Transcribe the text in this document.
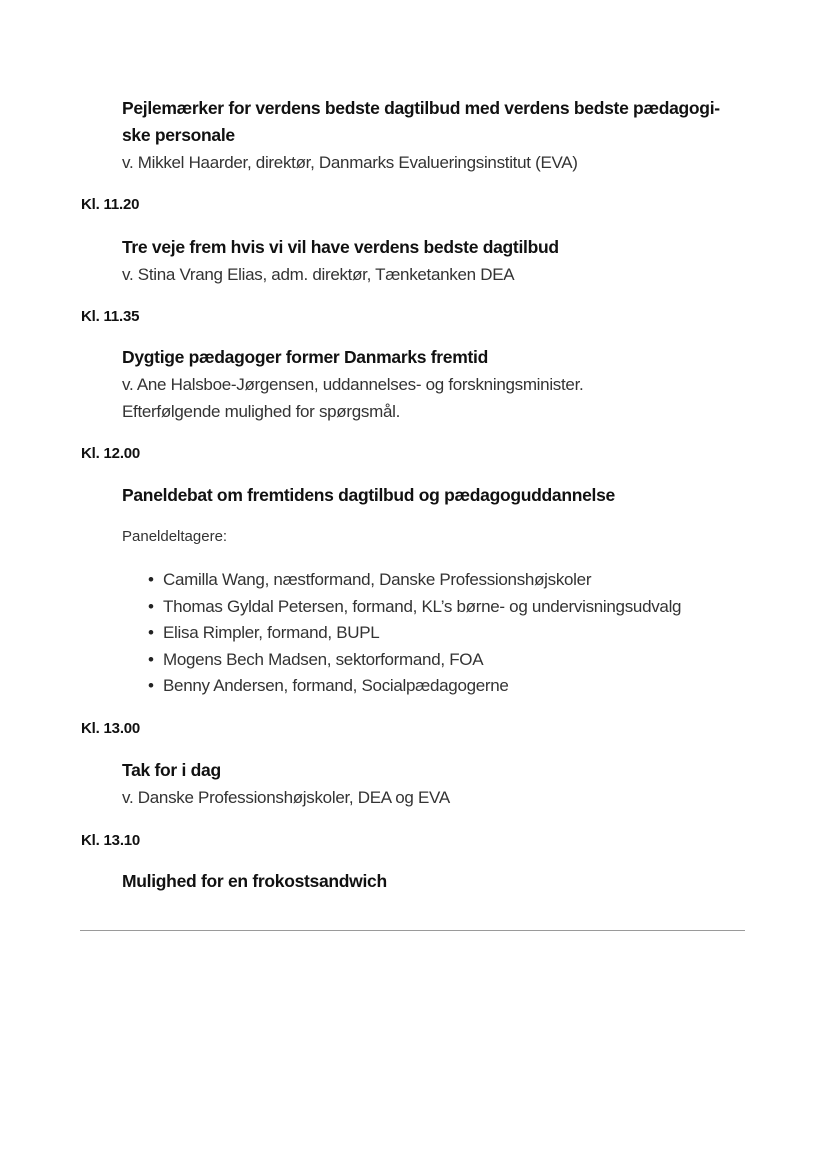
Pejlemærker for verdens bedste dagtilbud med verdens bedste pædagogi-
ske personale
v. Mikkel Haarder, direktør, Danmarks Evalueringsinstitut (EVA)
Kl. 11.20
Tre veje frem hvis vi vil have verdens bedste dagtilbud
v. Stina Vrang Elias, adm. direktør, Tænketanken DEA
Kl. 11.35
Dygtige pædagoger former Danmarks fremtid
v. Ane Halsboe-Jørgensen, uddannelses- og forskningsminister.
Efterfølgende mulighed for spørgsmål.
Kl. 12.00
Paneldebat om fremtidens dagtilbud og pædagoguddannelse
Paneldeltagere:
• Camilla Wang, næstformand, Danske Professionshøjskoler
• Thomas Gyldal Petersen, formand, KL’s børne- og undervisningsudvalg
• Elisa Rimpler, formand, BUPL
• Mogens Bech Madsen, sektorformand, FOA
• Benny Andersen, formand, Socialpædagogerne
Kl. 13.00
Tak for i dag
v. Danske Professionshøjskoler, DEA og EVA
Kl. 13.10
Mulighed for en frokostsandwich
